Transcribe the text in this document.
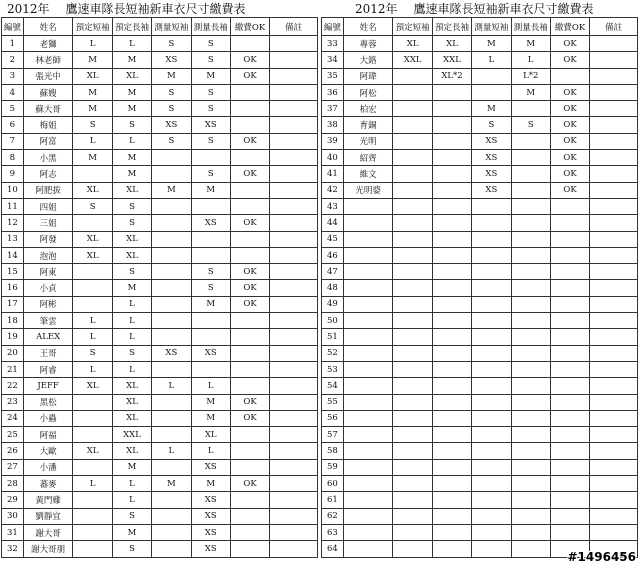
2012年 鷹速車隊長短袖新車衣尺寸繳費表
編號	姓名	預定短袖	預定長袖	測量短袖	測量長袖	繳費OK	備註
1	老獅	L	L	S	S		
2	林老師	M	M	XS	S	OK	
3	張光中	XL	XL	M	M	OK	
4	蘇嫂	M	M	S	S		
5	蘇大哥	M	M	S	S		
6	梅姐	S	S	XS	XS		
7	阿富	L	L	S	S	OK	
8	小黑	M	M				
9	阿志		M		S	OK	
10	阿肥拔	XL	XL	M	M		
11	四姐	S	S				
12	三姐		S		XS	OK	
13	阿發	XL	XL				
14	泡泡	XL	XL				
15	阿東		S		S	OK	
16	小貞		M		S	OK	
17	阿彬		L		M	OK	
18	筆雲	L	L				
19	ALEX	L	L				
20	王哥	S	S	XS	XS		
21	阿睿	L	L				
22	JEFF	XL	XL	L	L		
23	黑松		XL		M	OK	
24	小蟲		XL		M	OK	
25	阿福		XXL		XL		
26	大歐	XL	XL	L	L		
27	小潘		M		XS		
28	蕃麥	L	L	M	M	OK	
29	黃門雞		L		XS		
30	劉靜宜		S		XS		
31	謝大哥		M		XS		
32	謝大哥朋		S		XS		
2012年 鷹速車隊長短袖新車衣尺寸繳費表
編號	姓名	預定短袖	預定長袖	測量短袖	測量長袖	繳費OK	備註
33	專蓉	XL	XL	M	M	OK	
34	大鉻	XXL	XXL	L	L	OK	
35	阿瑋		XL*2		L*2		
36	阿松				M	OK	
37	柏宏			M		OK	
38	育銅			S	S	OK	
39	光明			XS		OK	
40	紹齊			XS		OK	
41	維文			XS		OK	
42	光明婆			XS		OK	
43							
44							
45							
46							
47							
48							
49							
50							
51							
52							
53							
54							
55							
56							
57							
58							
59							
60							
61							
62							
63							
64							
#1496456
